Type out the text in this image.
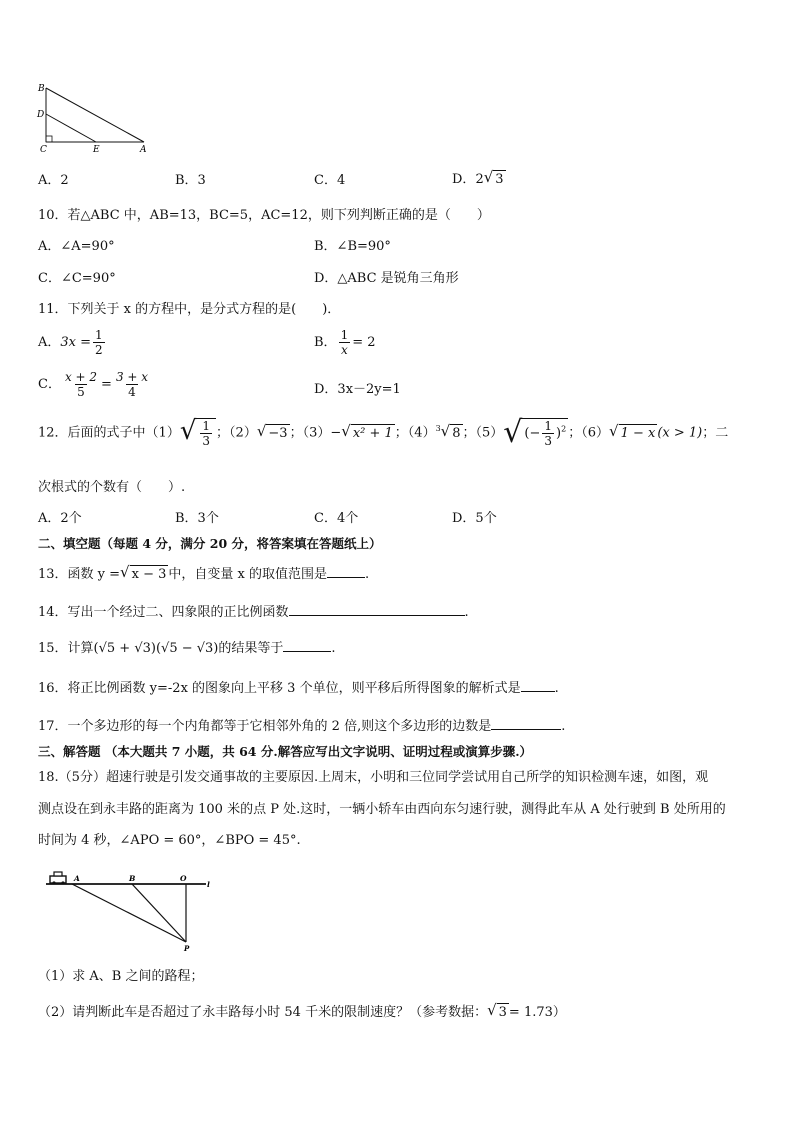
B
D
C	E	A
A．2	B．3	C．4	D．2 √ 3
10．若△ABC 中，AB=13，BC=5，AC=12，则下列判断正确的是（　　）
A．∠A=90°	B．∠B=90°
C．∠C=90°	D．△ABC 是锐角三角形
11．下列关于 x 的方程中，是分式方程的是(　　)．
A．$3x = \frac{1}{2}$	B． $\frac{1}{x} = 2$
C． $\frac{x + 2}{5} = \frac{3 + x}{4}$	D．3x－2y=1
12．后面的式子中（1） √ $\frac{1}{3}$ ；（2） √ −3 ；（3）− √ x² + 1 ；$(4)^3$ √ 8 ；（5） √ (− $\frac{1}{3} )^2$ ；（6） √ 1 − x (x > 1)；二
次根式的个数有（　　）.
A．2个	B．3个	C．4个	D．5个
二、填空题（每题 4 分，满分 20 分，将答案填在答题纸上）
13．函数 y = √ x − 3 中，自变量 x 的取值范围是	.
14．写出一个经过二、四象限的正比例函数	.
15．计算(√5 + √3)(√5 − √3)的结果等于	.
16．将正比例函数 y=-2x 的图象向上平移 3 个单位，则平移后所得图象的解析式是	.
17．一个多边形的每一个内角都等于它相邻外角的 2 倍,则这个多边形的边数是	.
三、解答题 （本大题共 7 小题，共 64 分.解答应写出文字说明、证明过程或演算步骤.）
18.（5分）超速行驶是引发交通事故的主要原因.上周末，小明和三位同学尝试用自己所学的知识检测车速，如图，观
测点设在到永丰路的距离为 100 米的点 P 处.这时，一辆小轿车由西向东匀速行驶，测得此车从 A 处行驶到 B 处所用的
时间为 4 秒，∠APO = 60°，∠BPO = 45°.
A	B	O
l
P
（1）求 A、B 之间的路程；
（2）请判断此车是否超过了永丰路每小时 54 千米的限制速度？（参考数据： √ 3 = 1.73）
